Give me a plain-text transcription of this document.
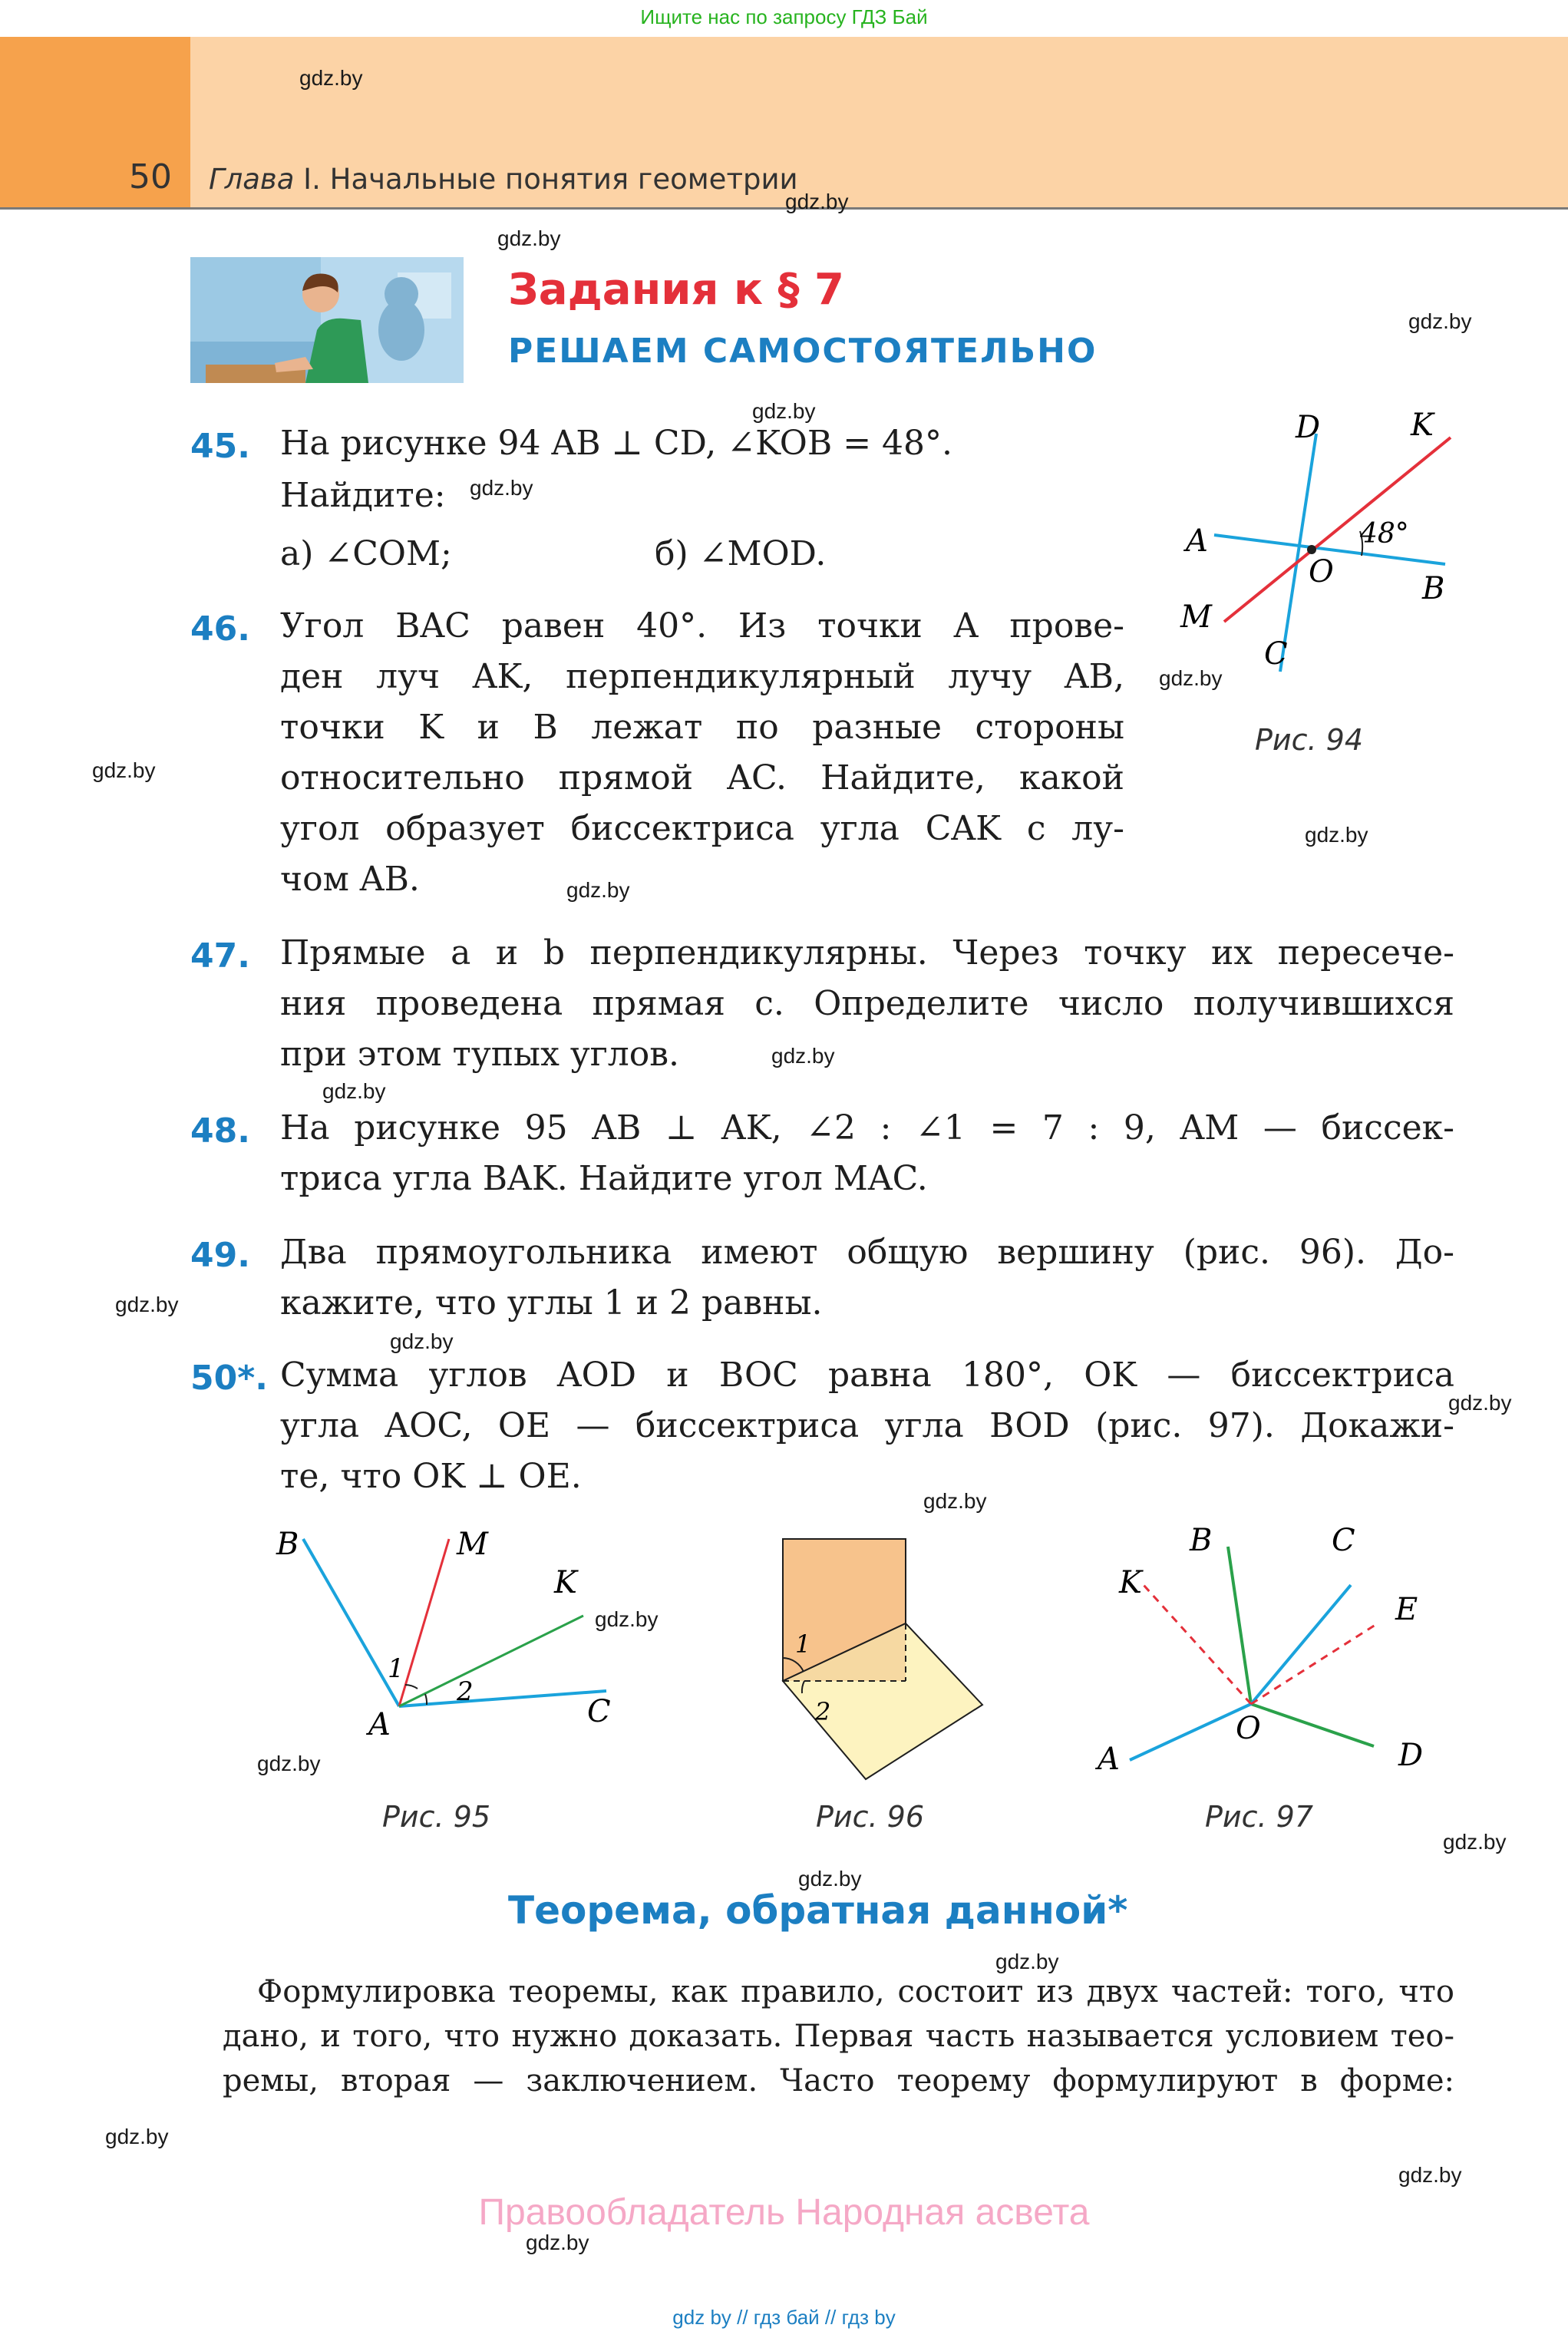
Ищите нас по запросу ГДЗ Бай
50 Глава I. Начальные понятия геометрии
gdz.by
gdz.by
gdz.by
gdz.by
gdz.by
gdz.by
gdz.by
gdz.by
gdz.by
gdz.by
gdz.by
gdz.by
gdz.by
gdz.by
gdz.by
gdz.by
gdz.by
gdz.by
gdz.by
gdz.by
gdz.by
gdz.by
gdz.by
gdz.by
Задания к § 7
РЕШАЕМ САМОСТОЯТЕЛЬНО
45. На рисунке 94 AB ⊥ CD, ∠KOB = 48°.
Найдите:
а) ∠COM;	б) ∠MOD.
46. Угол BAC равен 40°. Из точки A прове-
ден луч AK, перпендикулярный лучу AB,
точки K и B лежат по разные стороны
относительно прямой AC. Найдите, какой
угол образует биссектриса угла CAK с лу-
чом AB.
D	K
A
O	B
M
C
48°
Рис. 94
47. Прямые a и b перпендикулярны. Через точку их пересече-
ния проведена прямая c. Определите число получившихся
при этом тупых углов.
48. На рисунке 95 AB ⊥ AK, ∠2 : ∠1 = 7 : 9, AM — биссек-
триса угла BAK. Найдите угол MAC.
49. Два прямоугольника имеют общую вершину (рис. 96). До-
кажите, что углы 1 и 2 равны.
50*. Сумма углов AOD и BOC равна 180°, OK — биссектриса
угла AOC, OE — биссектриса угла BOD (рис. 97). Докажи-
те, что OK ⊥ OE.
B	M
K
A	C
1
2
Рис. 95
1
2
Рис. 96
B	C
K
E
O
A	D
Рис. 97
Теорема, обратная данной*
Формулировка теоремы, как правило, состоит из двух частей: того, что
дано, и того, что нужно доказать. Первая часть называется условием тео-
ремы, вторая — заключением. Часто теорему формулируют в форме:
Правообладатель Народная асвета
gdz by // гдз бай // гдз by
